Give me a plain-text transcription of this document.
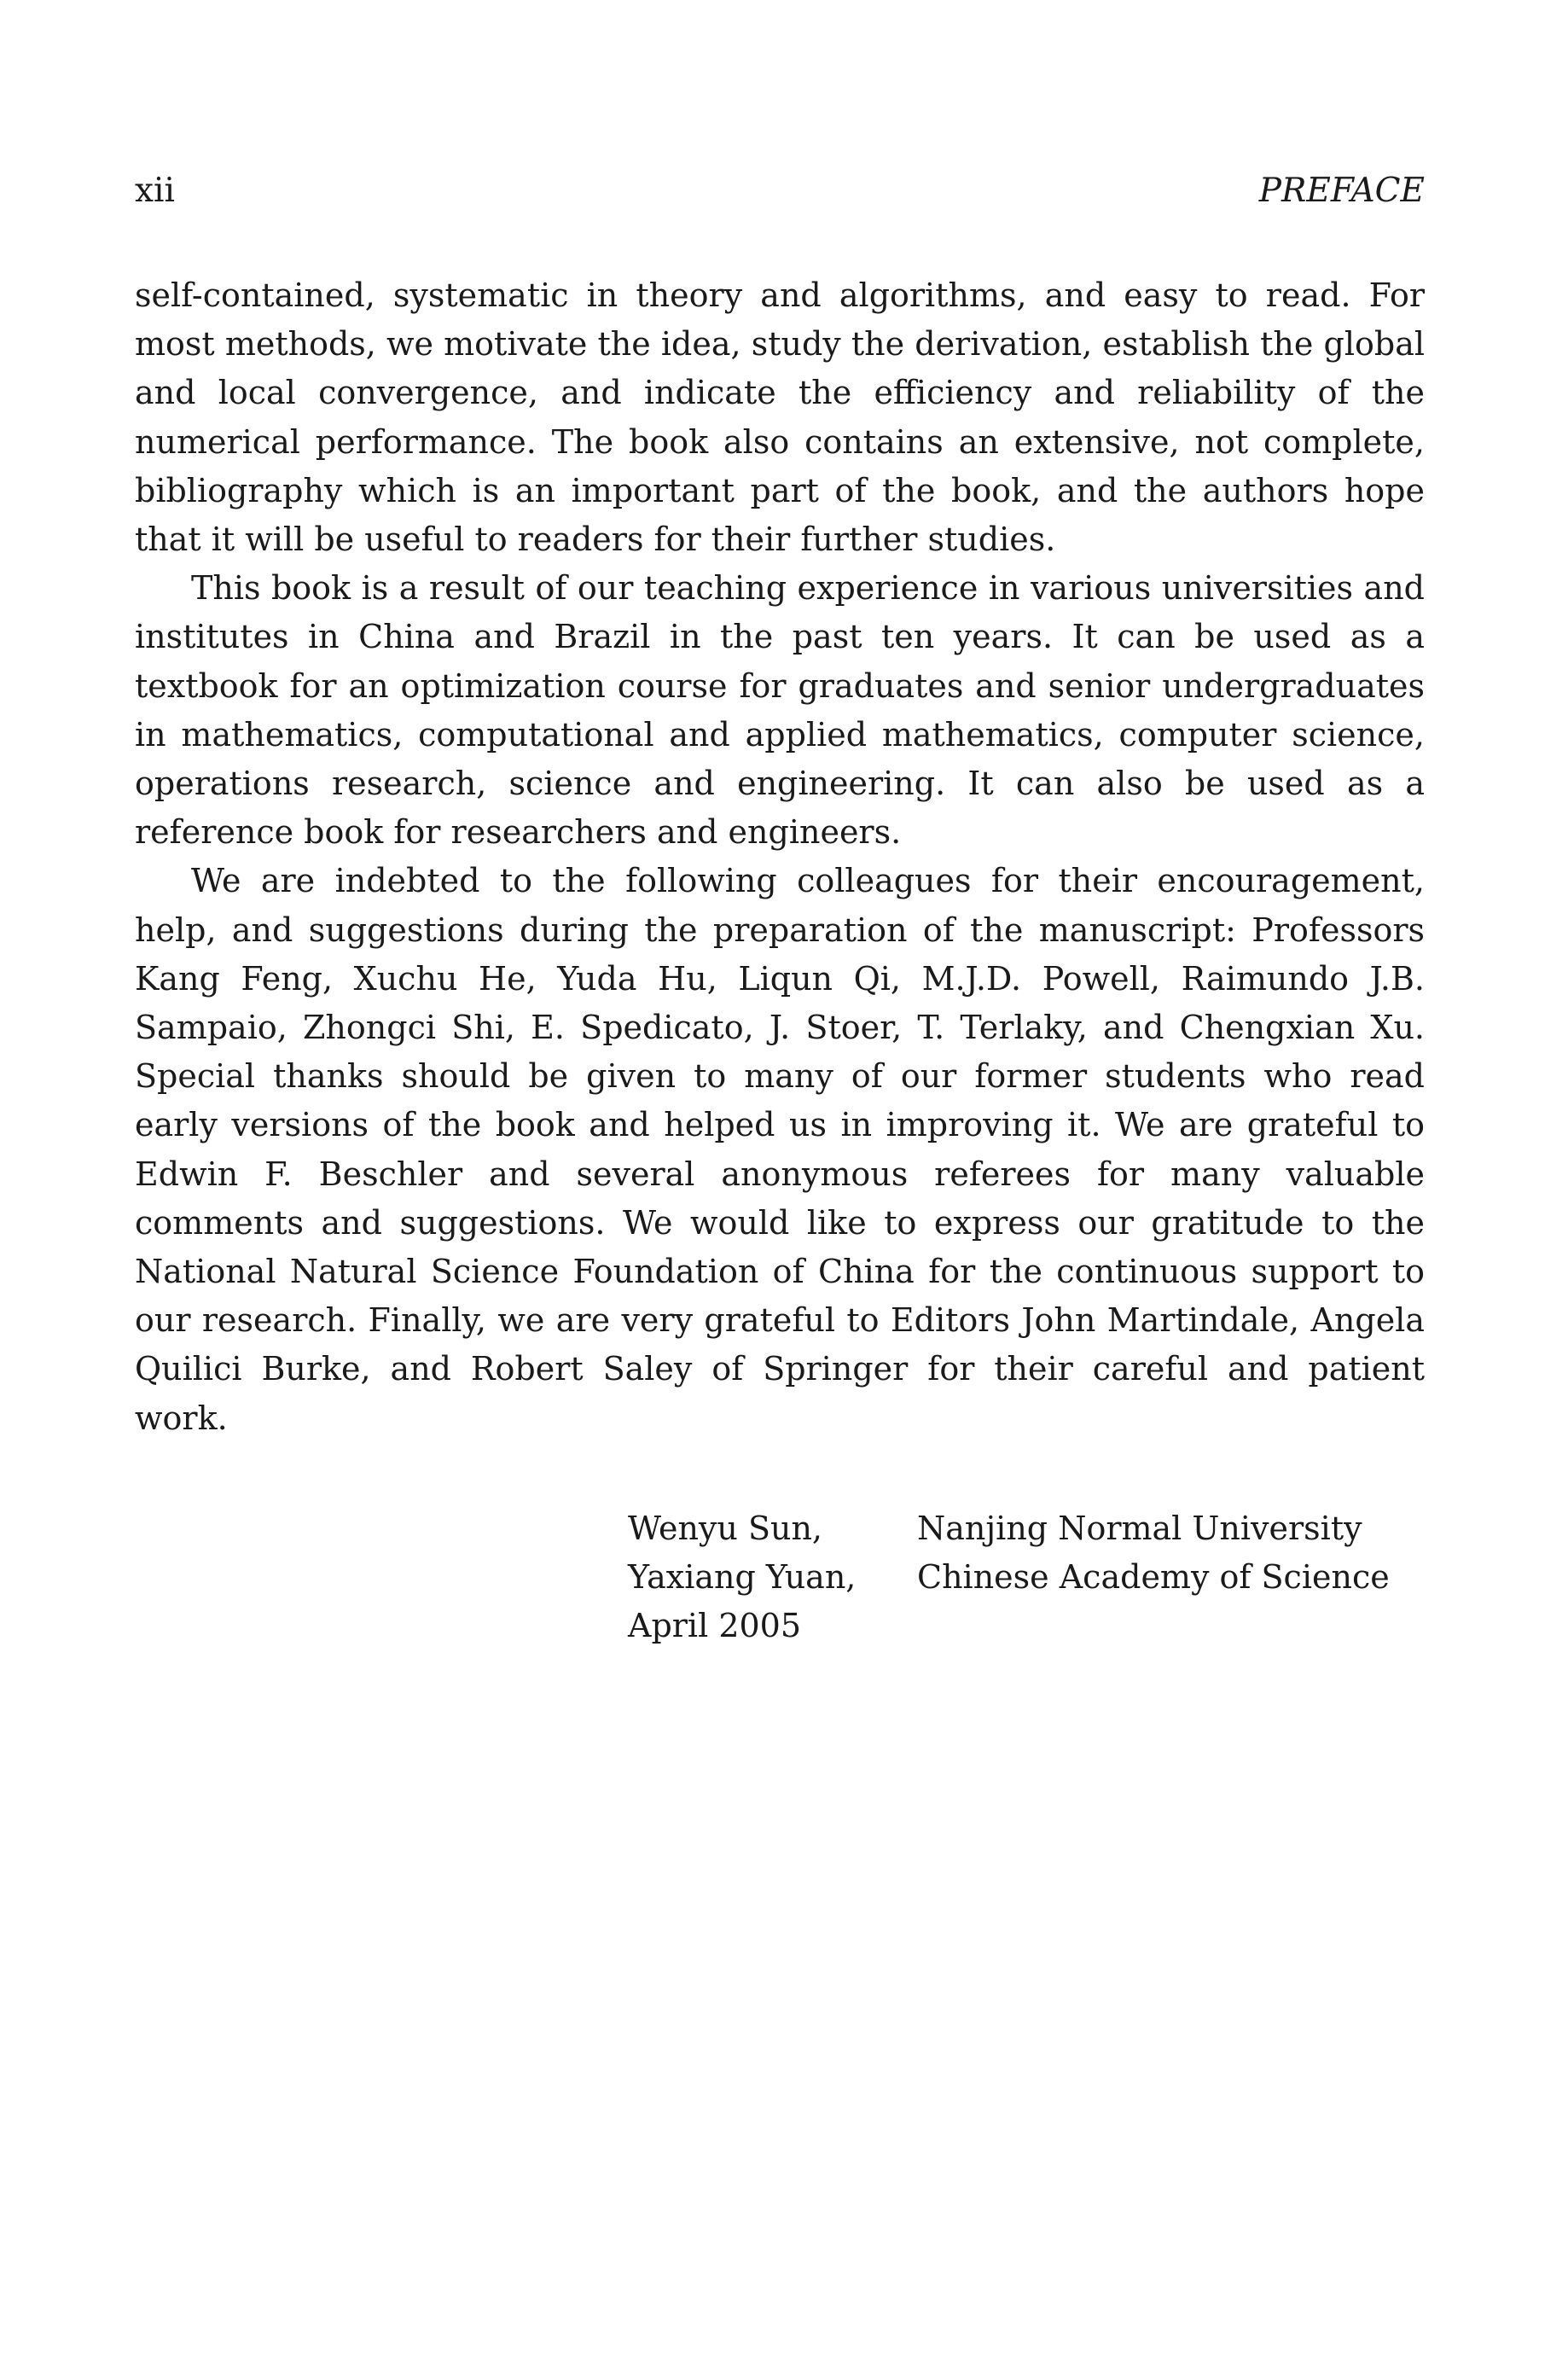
xii	PREFACE

self-contained, systematic in theory and algorithms, and easy to read. For most methods, we motivate the idea, study the derivation, establish the global and local convergence, and indicate the efficiency and reliability of the numerical performance. The book also contains an extensive, not complete, bibliography which is an important part of the book, and the authors hope that it will be useful to readers for their further studies.

This book is a result of our teaching experience in various universities and institutes in China and Brazil in the past ten years. It can be used as a textbook for an optimization course for graduates and senior undergraduates in mathematics, computational and applied mathematics, computer science, operations research, science and engineering. It can also be used as a reference book for researchers and engineers.

We are indebted to the following colleagues for their encouragement, help, and suggestions during the preparation of the manuscript: Professors Kang Feng, Xuchu He, Yuda Hu, Liqun Qi, M.J.D. Powell, Raimundo J.B. Sampaio, Zhongci Shi, E. Spedicato, J. Stoer, T. Terlaky, and Chengxian Xu. Special thanks should be given to many of our former students who read early versions of the book and helped us in improving it. We are grateful to Edwin F. Beschler and several anonymous referees for many valuable comments and suggestions. We would like to express our gratitude to the National Natural Science Foundation of China for the continuous support to our research. Finally, we are very grateful to Editors John Martindale, Angela Quilici Burke, and Robert Saley of Springer for their careful and patient work.

Wenyu Sun,	Nanjing Normal University
Yaxiang Yuan,	Chinese Academy of Science
April 2005
